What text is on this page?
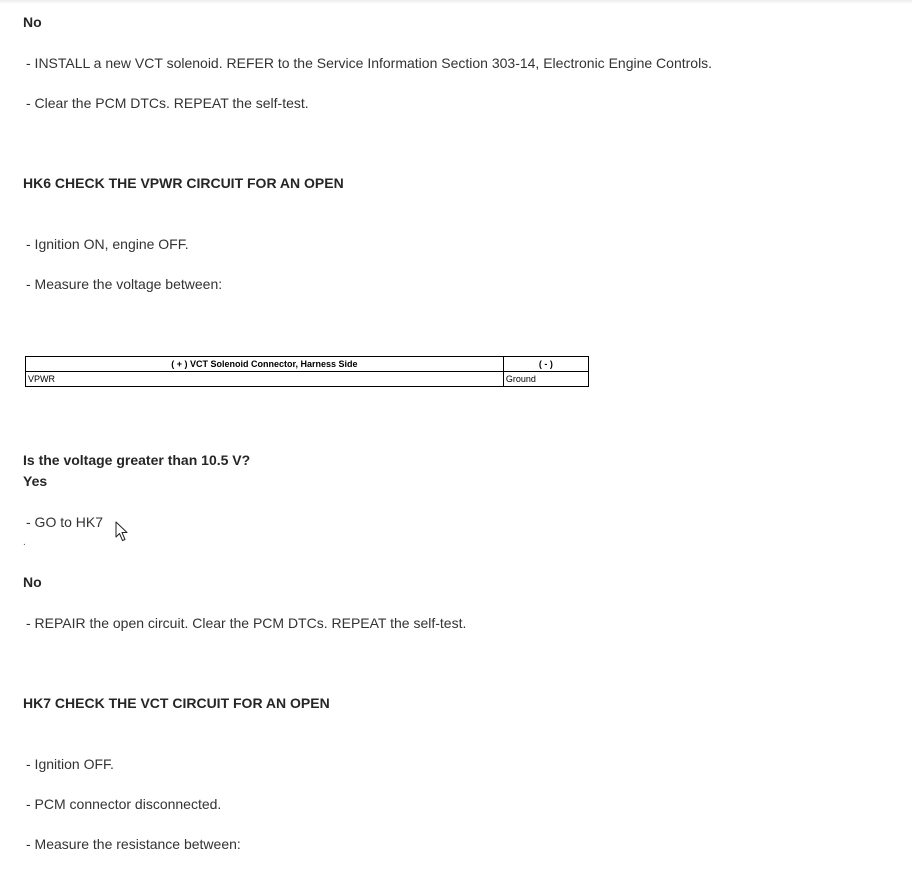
No
- INSTALL a new VCT solenoid. REFER to the Service Information Section 303-14, Electronic Engine Controls.
- Clear the PCM DTCs. REPEAT the self-test.
HK6 CHECK THE VPWR CIRCUIT FOR AN OPEN
- Ignition ON, engine OFF.
- Measure the voltage between:
( + ) VCT Solenoid Connector, Harness Side	( - )
VPWR	Ground
Is the voltage greater than 10.5 V?
Yes
- GO to HK7
.
No
- REPAIR the open circuit. Clear the PCM DTCs. REPEAT the self-test.
HK7 CHECK THE VCT CIRCUIT FOR AN OPEN
- Ignition OFF.
- PCM connector disconnected.
- Measure the resistance between:
